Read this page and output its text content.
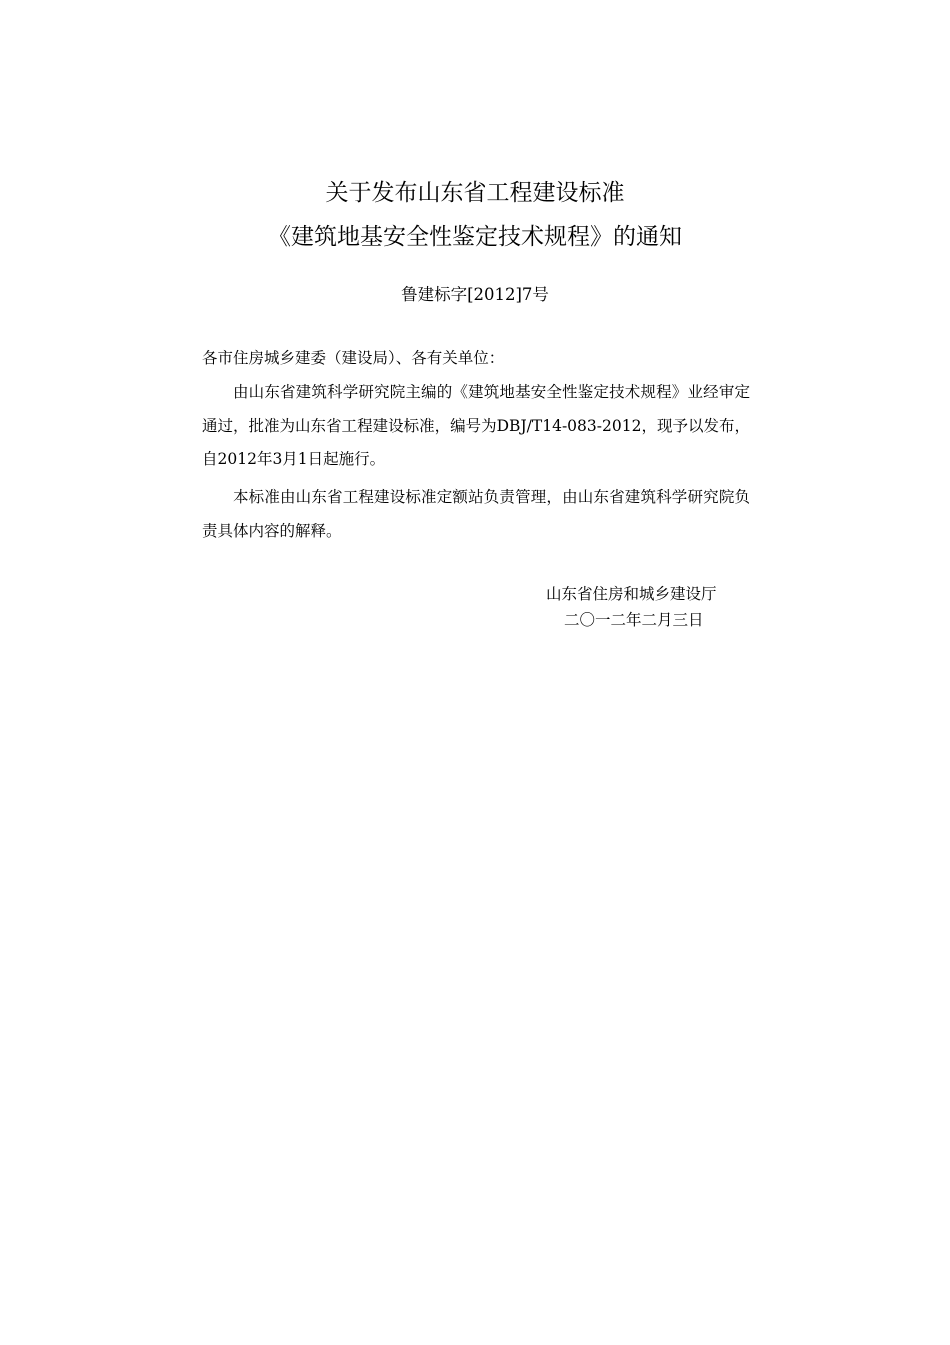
关于发布山东省工程建设标准
《建筑地基安全性鉴定技术规程》的通知
鲁建标字[2012]7号
各市住房城乡建委（建设局）、各有关单位：
由山东省建筑科学研究院主编的《建筑地基安全性鉴定技术规程》业经审定通过，批准为山东省工程建设标准，编号为DBJ/T14-083-2012，现予以发布，自2012年3月1日起施行。
本标准由山东省工程建设标准定额站负责管理，由山东省建筑科学研究院负责具体内容的解释。
山东省住房和城乡建设厅
二〇一二年二月三日
